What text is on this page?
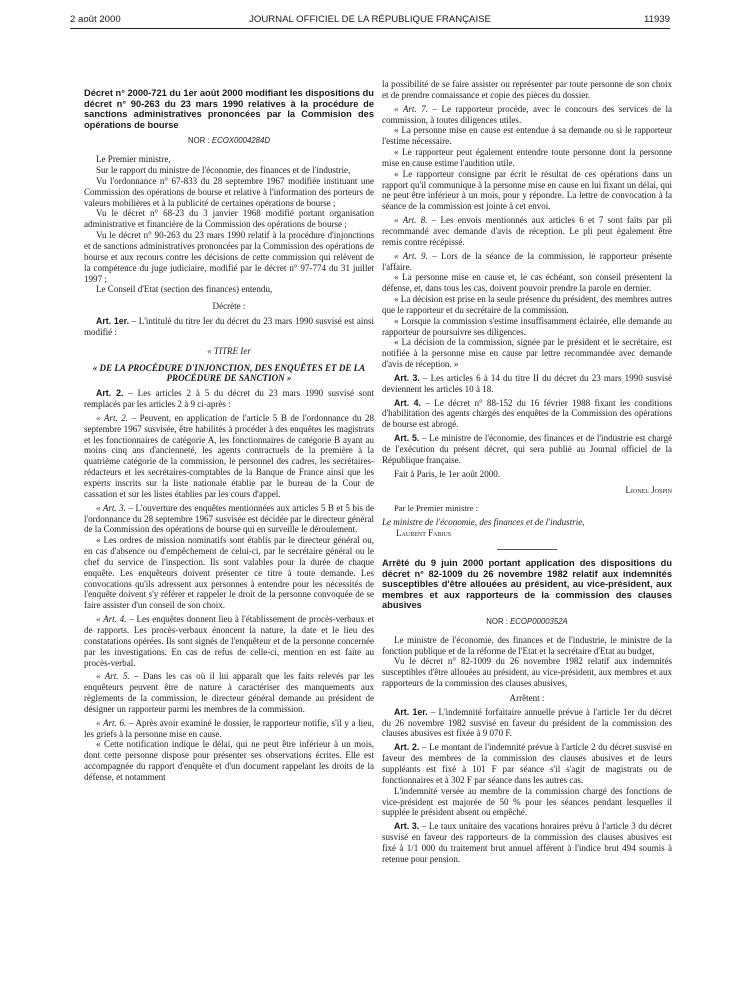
2 août 2000	JOURNAL OFFICIEL DE LA RÉPUBLIQUE FRANÇAISE	11939
Décret n° 2000-721 du 1er août 2000 modifiant les dispositions du décret n° 90-263 du 23 mars 1990 relatives à la procédure de sanctions administratives prononcées par la Commision des opérations de bourse
NOR : ECOX0004284D

Le Premier ministre,

Sur le rapport du ministre de l'économie, des finances et de l'industrie,

Vu l'ordonnance n° 67-833 du 28 septembre 1967 modifiée instituant une Commission des opérations de bourse et relative à l'information des porteurs de valeurs mobilières et à la publicité de certaines opérations de bourse ;

Vu le décret n° 68-23 du 3 janvier 1968 modifié portant organisation administrative et financière de la Commission des opérations de bourse ;

Vu le décret n° 90-263 du 23 mars 1990 relatif à la procédure d'injonctions et de sanctions administratives prononcées par la Commission des opérations de bourse et aux recours contre les décisions de cette commission qui relèvent de la compétence du juge judiciaire, modifié par le décret n° 97-774 du 31 juillet 1997 ;

Le Conseil d'Etat (section des finances) entendu,

Décrète :

Art. 1er. – L'intitulé du titre Ier du décret du 23 mars 1990 susvisé est ainsi modifié :

« TITRE Ier

« DE LA PROCÉDURE D'INJONCTION, DES ENQUÊTES ET DE LA PROCÉDURE DE SANCTION »

Art. 2. – Les articles 2 à 5 du décret du 23 mars 1990 susvisé sont remplacés par les articles 2 à 9 ci-après :

« Art. 2. – Peuvent, en application de l'article 5 B de l'ordonnance du 28 septembre 1967 susvisée, être habilités à procéder à des enquêtes les magistrats et les fonctionnaires de catégorie A, les fonctionnaires de catégorie B ayant au moins cinq ans d'ancienneté, les agents contractuels de la première à la quatrième catégorie de la commission, le personnel des cadres, les secrétaires-rédacteurs et les secrétaires-comptables de la Banque de France ainsi que les experts inscrits sur la liste nationale établie par le bureau de la Cour de cassation et sur les listes établies par les cours d'appel.

« Art. 3. – L'ouverture des enquêtes mentionnées aux articles 5 B et 5 bis de l'ordonnance du 28 septembre 1967 susvisée est décidée par le directeur général de la Commission des opérations de bourse qui en surveille le déroulement.

« Les ordres de mission nominatifs sont établis par le directeur général ou, en cas d'absence ou d'empêchement de celui-ci, par le secrétaire général ou le chef du service de l'inspection. Ils sont valables pour la durée de chaque enquête. Les enquêteurs doivent présenter ce titre à toute demande. Les convocations qu'ils adressent aux personnes à entendre pour les nécessités de l'enquête doivent s'y référer et rappeler le droit de la personne convoquée de se faire assister d'un conseil de son choix.

« Art. 4. – Les enquêtes donnent lieu à l'établissement de procès-verbaux et de rapports. Les procès-verbaux énoncent la nature, la date et le lieu des constatations opérées. Ils sont signés de l'enquêteur et de la personne concernée par les investigations. En cas de refus de celle-ci, mention en est faite au procès-verbal.

« Art. 5. – Dans les cas où il lui apparaît que les faits relevés par les enquêteurs peuvent être de nature à caractériser des manquements aux règlements de la commission, le directeur général demande au président de désigner un rapporteur parmi les membres de la commission.

« Art. 6. – Après avoir examiné le dossier, le rapporteur notifie, s'il y a lieu, les griefs à la personne mise en cause.

« Cette notification indique le délai, qui ne peut être inférieur à un mois, dont cette personne dispose pour présenter ses observations écrites. Elle est accompagnée du rapport d'enquête et d'un document rappelant les droits de la défense, et notamment

la possibilité de se faire assister ou représenter par toute personne de son choix et de prendre connaissance et copie des pièces du dossier.

« Art. 7. – Le rapporteur procède, avec le concours des services de la commission, à toutes diligences utiles.

« La personne mise en cause est entendue à sa demande ou si le rapporteur l'estime nécessaire.

« Le rapporteur peut également entendre toute personne dont la personne mise en cause estime l'audition utile.

« Le rapporteur consigne par écrit le résultat de ces opérations dans un rapport qu'il communique à la personne mise en cause en lui fixant un délai, qui ne peut être inférieur à un mois, pour y répondre. La lettre de convocation à la séance de la commission est jointe à cet envoi.

« Art. 8. – Les envois mentionnés aux articles 6 et 7 sont faits par pli recommandé avec demande d'avis de réception. Le pli peut également être remis contre récépissé.

« Art. 9. – Lors de la séance de la commission, le rapporteur présente l'affaire.

« La personne mise en cause et, le cas échéant, son conseil présentent la défense, et, dans tous les cas, doivent pouvoir prendre la parole en dernier.

« La décision est prise en la seule présence du président, des membres autres que le rapporteur et du secrétaire de la commission.

« Lorsque la commission s'estime insuffisamment éclairée, elle demande au rapporteur de poursuivre ses diligences.

« La décision de la commission, signée par le président et le secrétaire, est notifiée à la personne mise en cause par lettre recommandée avec demande d'avis de réception. »

Art. 3. – Les articles 6 à 14 du titre II du décret du 23 mars 1990 susvisé deviennent les articles 10 à 18.

Art. 4. – Le décret n° 88-152 du 16 février 1988 fixant les conditions d'habilitation des agents chargés des enquêtes de la Commission des opérations de bourse est abrogé.

Art. 5. – Le ministre de l'économie, des finances et de l'industrie est chargé de l'exécution du présent décret, qui sera publié au Journal officiel de la République française.

Fait à Paris, le 1er août 2000.

Lionel Jospin

Par le Premier ministre :

Le ministre de l'économie, des finances et de l'industrie,

Laurent Fabius

Arrêté du 9 juin 2000 portant application des dispositions du décret n° 82-1009 du 26 novembre 1982 relatif aux indemnités susceptibles d'être allouées au président, au vice-président, aux membres et aux rapporteurs de la commission des clauses abusives
NOR : ECOP0000352A

Le ministre de l'économie, des finances et de l'industrie, le ministre de la fonction publique et de la réforme de l'Etat et la secrétaire d'Etat au budget,

Vu le décret n° 82-1009 du 26 novembre 1982 relatif aux indemnités susceptibles d'être allouées au président, au vice-président, aux membres et aux rapporteurs de la commission des clauses abusives,

Arrêtent :

Art. 1er. – L'indemnité forfaitaire annuelle prévue à l'article 1er du décret du 26 novembre 1982 susvisé en faveur du président de la commission des clauses abusives est fixée à 9 070 F.

Art. 2. – Le montant de l'indemnité prévue à l'article 2 du décret susvisé en faveur des membres de la commission des clauses abusives et de leurs suppléants est fixé à 101 F par séance s'il s'agit de magistrats ou de fonctionnaires et à 302 F par séance dans les autres cas.

L'indemnité versée au membre de la commission chargé des fonctions de vice-président est majorée de 50 % pour les séances pendant lesquelles il supplée le président absent ou empêché.

Art. 3. – Le taux unitaire des vacations horaires prévu à l'article 3 du décret susvisé en faveur des rapporteurs de la commission des clauses abusives est fixé à 1/1 000 du traitement brut annuel afférent à l'indice brut 494 soumis à retenue pour pension.
